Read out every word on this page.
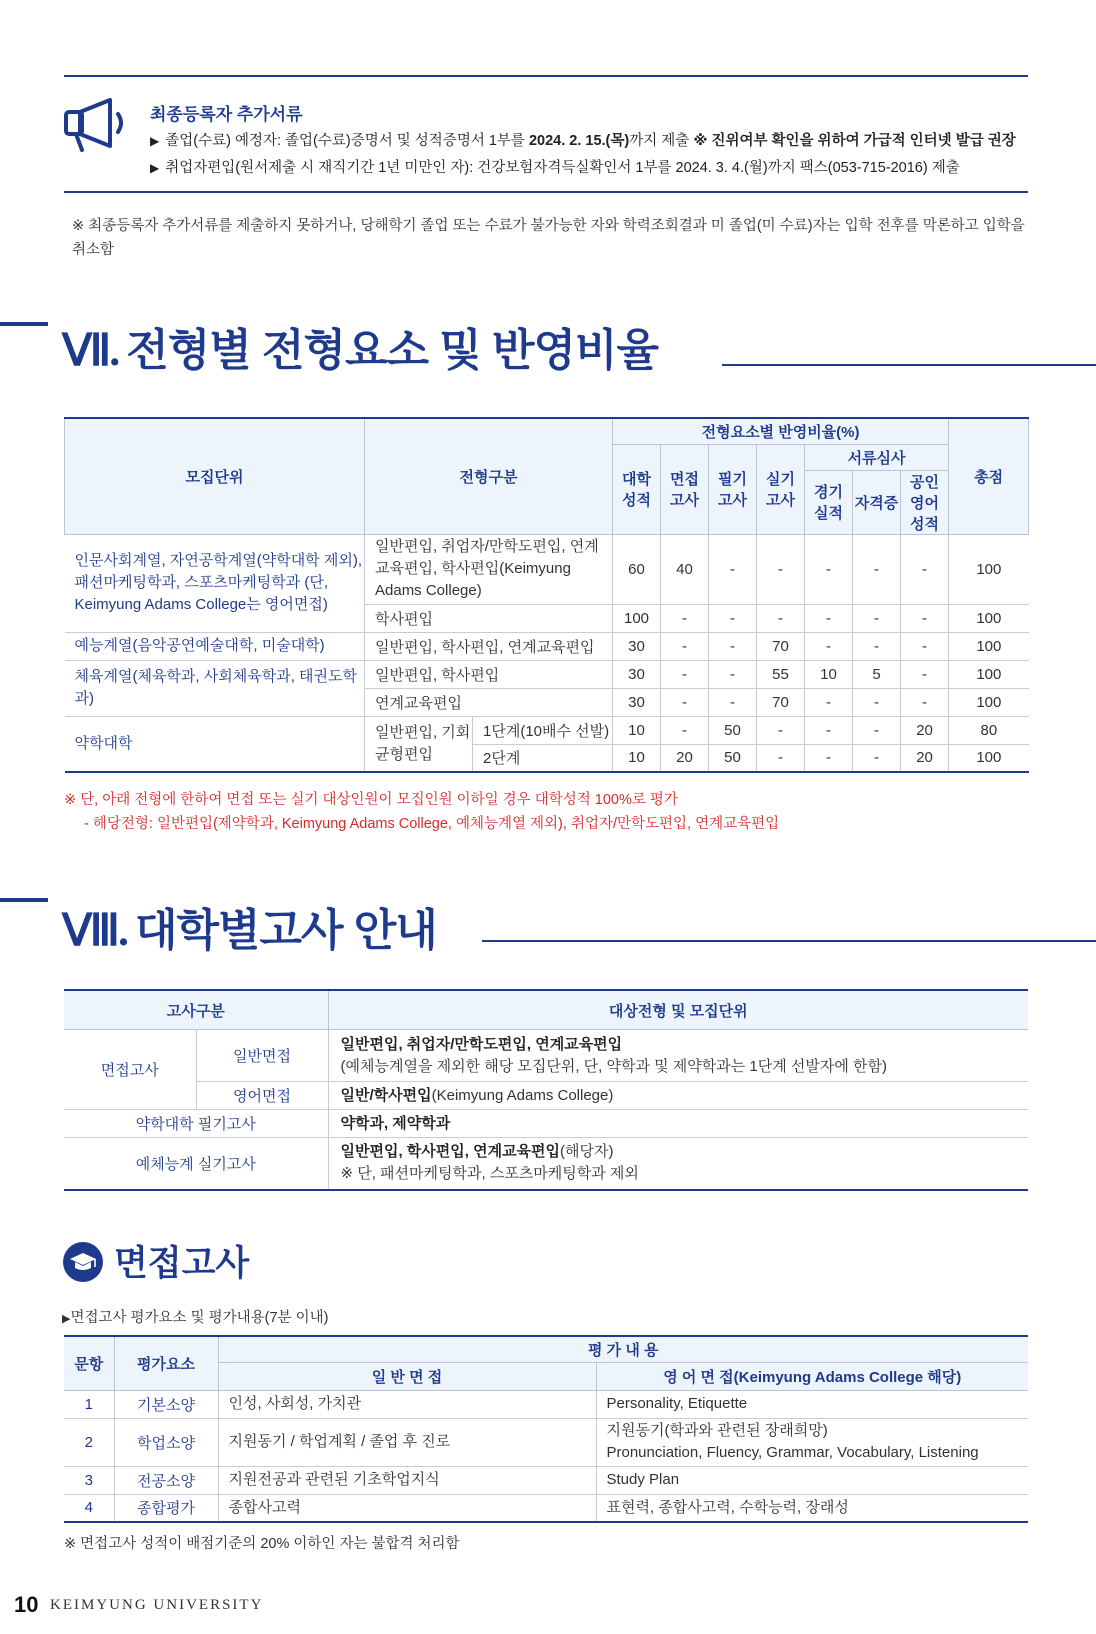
최종등록자 추가서류
▶ 졸업(수료) 예정자: 졸업(수료)증명서 및 성적증명서 1부를 2024. 2. 15.(목)까지 제출 ※ 진위여부 확인을 위하여 가급적 인터넷 발급 권장
▶ 취업자편입(원서제출 시 재직기간 1년 미만인 자): 건강보험자격득실확인서 1부를 2024. 3. 4.(월)까지 팩스(053-715-2016) 제출
※ 최종등록자 추가서류를 제출하지 못하거나, 당해학기 졸업 또는 수료가 불가능한 자와 학력조회결과 미 졸업(미 수료)자는 입학 전후를 막론하고 입학을 취소함
Ⅶ. 전형별 전형요소 및 반영비율
모집단위	전형구분		전형요소별 반영비율(%)							총점
			대학 성적	면접 고사	필기 고사	실기 고사	서류심사			
							경기 실적	자격증	공인 영어 성적	
인문사회계열, 자연공학계열(약학대학 제외), 패션마케팅학과, 스포츠마케팅학과 (단, Keimyung Adams College는 영어면접)	일반편입, 취업자/만학도편입, 연계교육편입, 학사편입(Keimyung Adams College)		60	40	-	-	-	-	-	100
	학사편입		100	-	-	-	-	-	-	100
예능계열(음악공연예술대학, 미술대학)	일반편입, 학사편입, 연계교육편입		30	-	-	70	-	-	-	100
체육계열(체육학과, 사회체육학과, 태권도학과)	일반편입, 학사편입		30	-	-	55	10	5	-	100
	연계교육편입		30	-	-	70	-	-	-	100
약학대학	일반편입, 기회균형편입	1단계(10배수 선발)	10	-	50	-	-	-	20	80
		2단계	10	20	50	-	-	-	20	100
※ 단, 아래 전형에 한하여 면접 또는 실기 대상인원이 모집인원 이하일 경우 대학성적 100%로 평가
- 해당전형: 일반편입(제약학과, Keimyung Adams College, 예체능계열 제외), 취업자/만학도편입, 연계교육편입
Ⅷ. 대학별고사 안내
고사구분		대상전형 및 모집단위
면접고사	일반면접	일반편입, 취업자/만학도편입, 연계교육편입
(예체능계열을 제외한 해당 모집단위, 단, 약학과 및 제약학과는 1단계 선발자에 한함)

	영어면접	일반/학사편입(Keimyung Adams College)
약학대학 필기고사		약학과, 제약학과
예체능계 실기고사		일반편입, 학사편입, 연계교육편입(해당자)
※ 단, 패션마케팅학과, 스포츠마케팅학과 제외
면접고사
▶면접고사 평가요소 및 평가내용(7분 이내)
문항	평가요소	평 가 내 용	
		일 반 면 접	영 어 면 접(Keimyung Adams College 해당)
1	기본소양	인성, 사회성, 가치관	Personality, Etiquette
2	학업소양	지원동기 / 학업계획 / 졸업 후 진로	지원동기(학과와 관련된 장래희망)
Pronunciation, Fluency, Grammar, Vocabulary, Listening

3	전공소양	지원전공과 관련된 기초학업지식	Study Plan
4	종합평가	종합사고력	표현력, 종합사고력, 수학능력, 장래성
※ 면접고사 성적이 배점기준의 20% 이하인 자는 불합격 처리함
10 KEIMYUNG UNIVERSITY
